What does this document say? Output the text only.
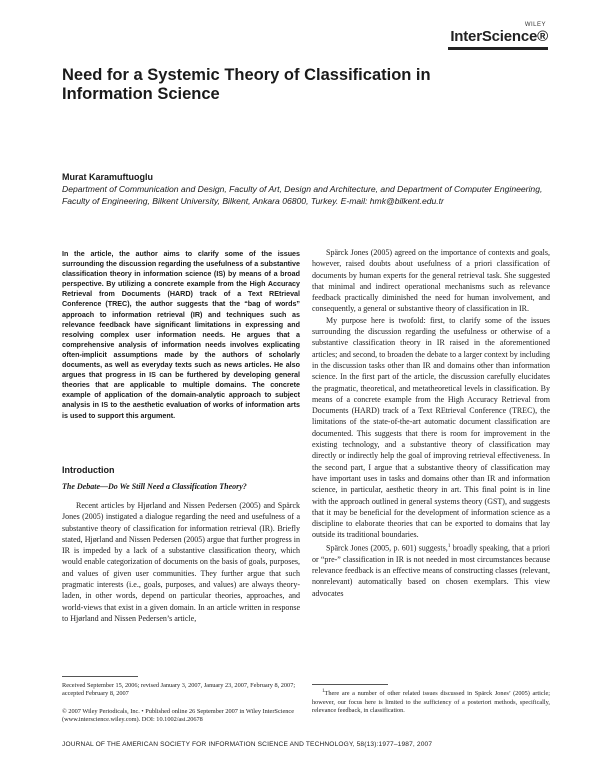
WILEY
InterScience®
Need for a Systemic Theory of Classification in Information Science

Murat Karamuftuoglu

Department of Communication and Design, Faculty of Art, Design and Architecture, and Department of Computer Engineering, Faculty of Engineering, Bilkent University, Bilkent, Ankara 06800, Turkey. E-mail: hmk@bilkent.edu.tr

In the article, the author aims to clarify some of the issues surrounding the discussion regarding the usefulness of a substantive classification theory in information science (IS) by means of a broad perspective. By utilizing a concrete example from the High Accuracy Retrieval from Documents (HARD) track of a Text REtrieval Conference (TREC), the author suggests that the “bag of words” approach to information retrieval (IR) and techniques such as relevance feedback have significant limitations in expressing and resolving complex user information needs. He argues that a comprehensive analysis of information needs involves explicating often-implicit assumptions made by the authors of scholarly documents, as well as everyday texts such as news articles. He also argues that progress in IS can be furthered by developing general theories that are applicable to multiple domains. The concrete example of application of the domain-analytic approach to subject analysis in IS to the aesthetic evaluation of works of information arts is used to support this argument.

Introduction
The Debate—Do We Still Need a Classification Theory?

Recent articles by Hjørland and Nissen Pedersen (2005) and Spärck Jones (2005) instigated a dialogue regarding the need and usefulness of a substantive theory of classification for information retrieval (IR). Briefly stated, Hjørland and Nissen Pedersen (2005) argue that further progress in IR is impeded by a lack of a substantive classification theory, which would enable categorization of documents on the basis of goals, purposes, and values of given user communities. They further argue that such pragmatic interests (i.e., goals, purposes, and values) are always theory-laden, in other words, depend on particular theories, approaches, and world-views that exist in a given domain. In an article written in response to Hjørland and Nissen Pedersen’s article,

Received September 15, 2006; revised January 3, 2007, January 23, 2007, February 8, 2007; accepted February 8, 2007

© 2007 Wiley Periodicals, Inc. • Published online 26 September 2007 in Wiley InterScience (www.interscience.wiley.com). DOI: 10.1002/asi.20678

Spärck Jones (2005) agreed on the importance of contexts and goals, however, raised doubts about usefulness of a priori classification of documents by human experts for the general retrieval task. She suggested that minimal and indirect operational mechanisms such as relevance feedback practically diminished the need for human involvement, and consequently, a general or substantive theory of classification in IR.

My purpose here is twofold: first, to clarify some of the issues surrounding the discussion regarding the usefulness or otherwise of a substantive classification theory in IR raised in the aforementioned articles; and second, to broaden the debate to a larger context by including in the discussion tasks other than IR and domains other than information science. In the first part of the article, the discussion carefully elucidates the pragmatic, theoretical, and metatheoretical levels in classification. By means of a concrete example from the High Accuracy Retrieval from Documents (HARD) track of a Text REtrieval Conference (TREC), the limitations of the state-of-the-art automatic document classification are documented. This suggests that there is room for improvement in the existing technology, and a substantive theory of classification may directly or indirectly help the goal of improving retrieval effectiveness. In the second part, I argue that a substantive theory of classification may have important uses in tasks and domains other than IR and information science, in particular, aesthetic theory in art. This final point is in line with the approach outlined in general systems theory (GST), and suggests that it may be beneficial for the development of information science as a discipline to elaborate theories that can be exported to domains that lay outside its traditional boundaries.

Spärck Jones (2005, p. 601) suggests,$^1$ broadly speaking, that a priori or “pre-” classification in IR is not needed in most circumstances because relevance feedback is an effective means of constructing classes (relevant, nonrelevant) automatically based on chosen exemplars. This view advocates

$^1$There are a number of other related issues discussed in Spärck Jones’ (2005) article; however, our focus here is limited to the sufficiency of a posteriori methods, specifically, relevance feedback, in classification.

JOURNAL OF THE AMERICAN SOCIETY FOR INFORMATION SCIENCE AND TECHNOLOGY, 58(13):1977–1987, 2007
